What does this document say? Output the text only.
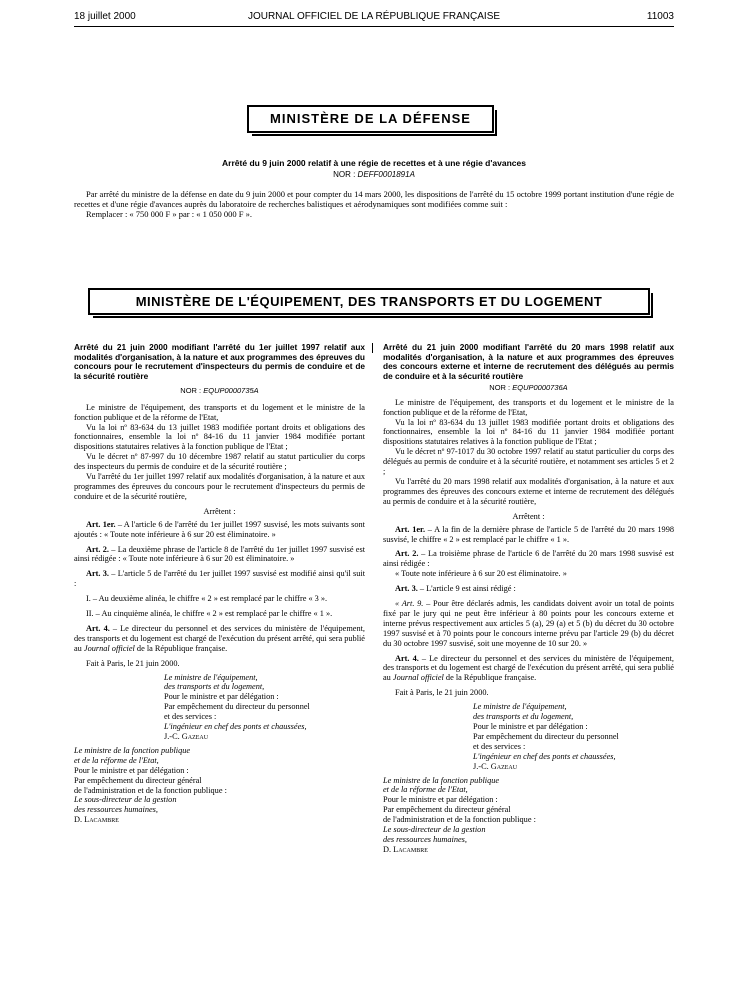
18 juillet 2000	JOURNAL OFFICIEL DE LA RÉPUBLIQUE FRANÇAISE	11003
MINISTÈRE DE LA DÉFENSE
Arrêté du 9 juin 2000 relatif à une régie de recettes et à une régie d'avances
NOR : DEFF0001891A

Par arrêté du ministre de la défense en date du 9 juin 2000 et pour compter du 14 mars 2000, les dispositions de l'arrêté du 15 octobre 1999 portant institution d'une régie de recettes et d'une régie d'avances auprès du laboratoire de recherches balistiques et aérodynamiques sont modifiées comme suit :

Remplacer : « 750 000 F » par : « 1 050 000 F ».

MINISTÈRE DE L'ÉQUIPEMENT, DES TRANSPORTS ET DU LOGEMENT

Arrêté du 21 juin 2000 modifiant l'arrêté du 1er juillet 1997 relatif aux modalités d'organisation, à la nature et aux programmes des épreuves du concours pour le recrutement d'inspecteurs du permis de conduire et de la sécurité routière

NOR : EQUP0000735A

Le ministre de l'équipement, des transports et du logement et le ministre de la fonction publique et de la réforme de l'Etat,

Vu la loi nº 83-634 du 13 juillet 1983 modifiée portant droits et obligations des fonctionnaires, ensemble la loi nº 84-16 du 11 janvier 1984 modifiée portant dispositions statutaires relatives à la fonction publique de l'Etat ;

Vu le décret nº 87-997 du 10 décembre 1987 relatif au statut particulier du corps des inspecteurs du permis de conduire et de la sécurité routière ;

Vu l'arrêté du 1er juillet 1997 relatif aux modalités d'organisation, à la nature et aux programmes des épreuves du concours pour le recrutement d'inspecteurs du permis de conduire et de la sécurité routière,

Arrêtent :

Art. 1er. – A l'article 6 de l'arrêté du 1er juillet 1997 susvisé, les mots suivants sont ajoutés : « Toute note inférieure à 6 sur 20 est éliminatoire. »

Art. 2. – La deuxième phrase de l'article 8 de l'arrêté du 1er juillet 1997 susvisé est ainsi rédigée : « Toute note inférieure à 6 sur 20 est éliminatoire. »

Art. 3. – L'article 5 de l'arrêté du 1er juillet 1997 susvisé est modifié ainsi qu'il suit :

I. – Au deuxième alinéa, le chiffre « 2 » est remplacé par le chiffre « 3 ».

II. – Au cinquième alinéa, le chiffre « 2 » est remplacé par le chiffre « 1 ».

Art. 4. – Le directeur du personnel et des services du ministère de l'équipement, des transports et du logement est chargé de l'exécution du présent arrêté, qui sera publié au Journal officiel de la République française.

Fait à Paris, le 21 juin 2000.

Le ministre de l'équipement,

des transports et du logement,

Pour le ministre et par délégation :

Par empêchement du directeur du personnel

et des services :

L'ingénieur en chef des ponts et chaussées,

J.-C. Gazeau

Le ministre de la fonction publique

et de la réforme de l'Etat,

Pour le ministre et par délégation :

Par empêchement du directeur général

de l'administration et de la fonction publique :

Le sous-directeur de la gestion

des ressources humaines,

D. Lacambre

Arrêté du 21 juin 2000 modifiant l'arrêté du 20 mars 1998 relatif aux modalités d'organisation, à la nature et aux programmes des épreuves des concours externe et interne de recrutement des délégués au permis de conduire et à la sécurité routière

NOR : EQUP0000736A

Le ministre de l'équipement, des transports et du logement et le ministre de la fonction publique et de la réforme de l'Etat,

Vu la loi nº 83-634 du 13 juillet 1983 modifiée portant droits et obligations des fonctionnaires, ensemble la loi nº 84-16 du 11 janvier 1984 modifiée portant dispositions statutaires relatives à la fonction publique de l'Etat ;

Vu le décret nº 97-1017 du 30 octobre 1997 relatif au statut particulier du corps des délégués au permis de conduire et à la sécurité routière, et notamment ses articles 5 et 2 ;

Vu l'arrêté du 20 mars 1998 relatif aux modalités d'organisation, à la nature et aux programmes des épreuves des concours externe et interne de recrutement des délégués au permis de conduire et à la sécurité routière,

Arrêtent :

Art. 1er. – A la fin de la dernière phrase de l'article 5 de l'arrêté du 20 mars 1998 susvisé, le chiffre « 2 » est remplacé par le chiffre « 1 ».

Art. 2. – La troisième phrase de l'article 6 de l'arrêté du 20 mars 1998 susvisé est ainsi rédigée :

« Toute note inférieure à 6 sur 20 est éliminatoire. »

Art. 3. – L'article 9 est ainsi rédigé :

« Art. 9. – Pour être déclarés admis, les candidats doivent avoir un total de points fixé par le jury qui ne peut être inférieur à 80 points pour les concours externe et interne prévus respectivement aux articles 5 (a), 29 (a) et 5 (b) du décret du 30 octobre 1997 susvisé et à 70 points pour le concours interne prévu par l'article 29 (b) du décret du 30 octobre 1997 susvisé, soit une moyenne de 10 sur 20. »

Art. 4. – Le directeur du personnel et des services du ministère de l'équipement, des transports et du logement est chargé de l'exécution du présent arrêté, qui sera publié au Journal officiel de la République française.

Fait à Paris, le 21 juin 2000.

Le ministre de l'équipement,

des transports et du logement,

Pour le ministre et par délégation :

Par empêchement du directeur du personnel

et des services :

L'ingénieur en chef des ponts et chaussées,

J.-C. Gazeau

Le ministre de la fonction publique

et de la réforme de l'Etat,

Pour le ministre et par délégation :

Par empêchement du directeur général

de l'administration et de la fonction publique :

Le sous-directeur de la gestion

des ressources humaines,

D. Lacambre
